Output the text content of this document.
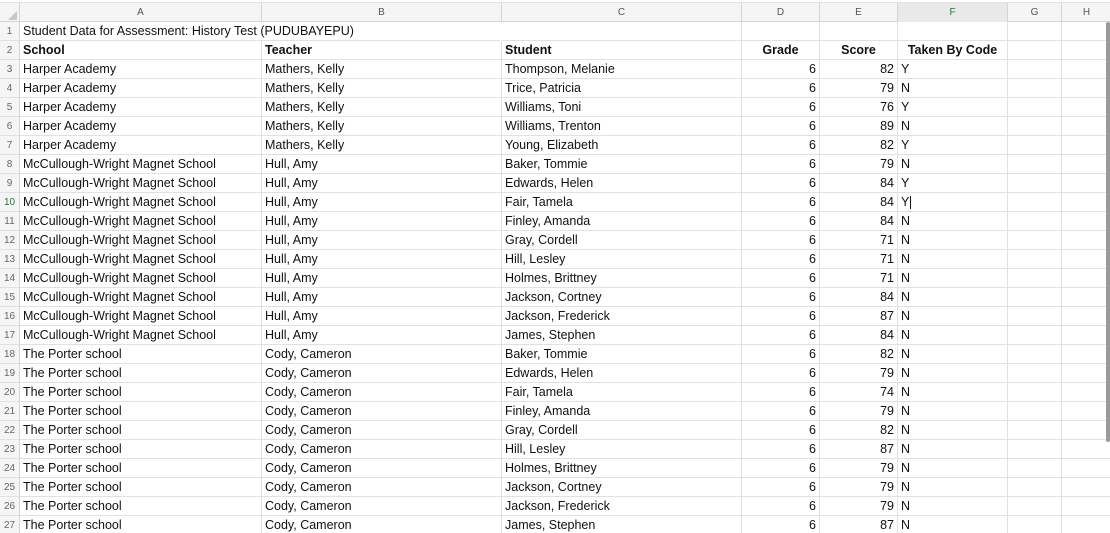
A	B	C	D	E	F	G	H
1 Student Data for Assessment: History Test (PUDUBAYEPU)
2 School	Teacher	Student	Grade	Score	Taken By Code
3 Harper Academy	Mathers, Kelly	Thompson, Melanie	6	82 Y
4 Harper Academy	Mathers, Kelly	Trice, Patricia	6	79 N
5 Harper Academy	Mathers, Kelly	Williams, Toni	6	76 Y
6 Harper Academy	Mathers, Kelly	Williams, Trenton	6	89 N
7 Harper Academy	Mathers, Kelly	Young, Elizabeth	6	82 Y
8 McCullough-Wright Magnet School	Hull, Amy	Baker, Tommie	6	79 N
9 McCullough-Wright Magnet School	Hull, Amy	Edwards, Helen	6	84 Y
10 McCullough-Wright Magnet School	Hull, Amy	Fair, Tamela	6	84 Y
11 McCullough-Wright Magnet School	Hull, Amy	Finley, Amanda	6	84 N
12 McCullough-Wright Magnet School	Hull, Amy	Gray, Cordell	6	71 N
13 McCullough-Wright Magnet School	Hull, Amy	Hill, Lesley	6	71 N
14 McCullough-Wright Magnet School	Hull, Amy	Holmes, Brittney	6	71 N
15 McCullough-Wright Magnet School	Hull, Amy	Jackson, Cortney	6	84 N
16 McCullough-Wright Magnet School	Hull, Amy	Jackson, Frederick	6	87 N
17 McCullough-Wright Magnet School	Hull, Amy	James, Stephen	6	84 N
18 The Porter school	Cody, Cameron	Baker, Tommie	6	82 N
19 The Porter school	Cody, Cameron	Edwards, Helen	6	79 N
20 The Porter school	Cody, Cameron	Fair, Tamela	6	74 N
21 The Porter school	Cody, Cameron	Finley, Amanda	6	79 N
22 The Porter school	Cody, Cameron	Gray, Cordell	6	82 N
23 The Porter school	Cody, Cameron	Hill, Lesley	6	87 N
24 The Porter school	Cody, Cameron	Holmes, Brittney	6	79 N
25 The Porter school	Cody, Cameron	Jackson, Cortney	6	79 N
26 The Porter school	Cody, Cameron	Jackson, Frederick	6	79 N
27 The Porter school	Cody, Cameron	James, Stephen	6	87 N
